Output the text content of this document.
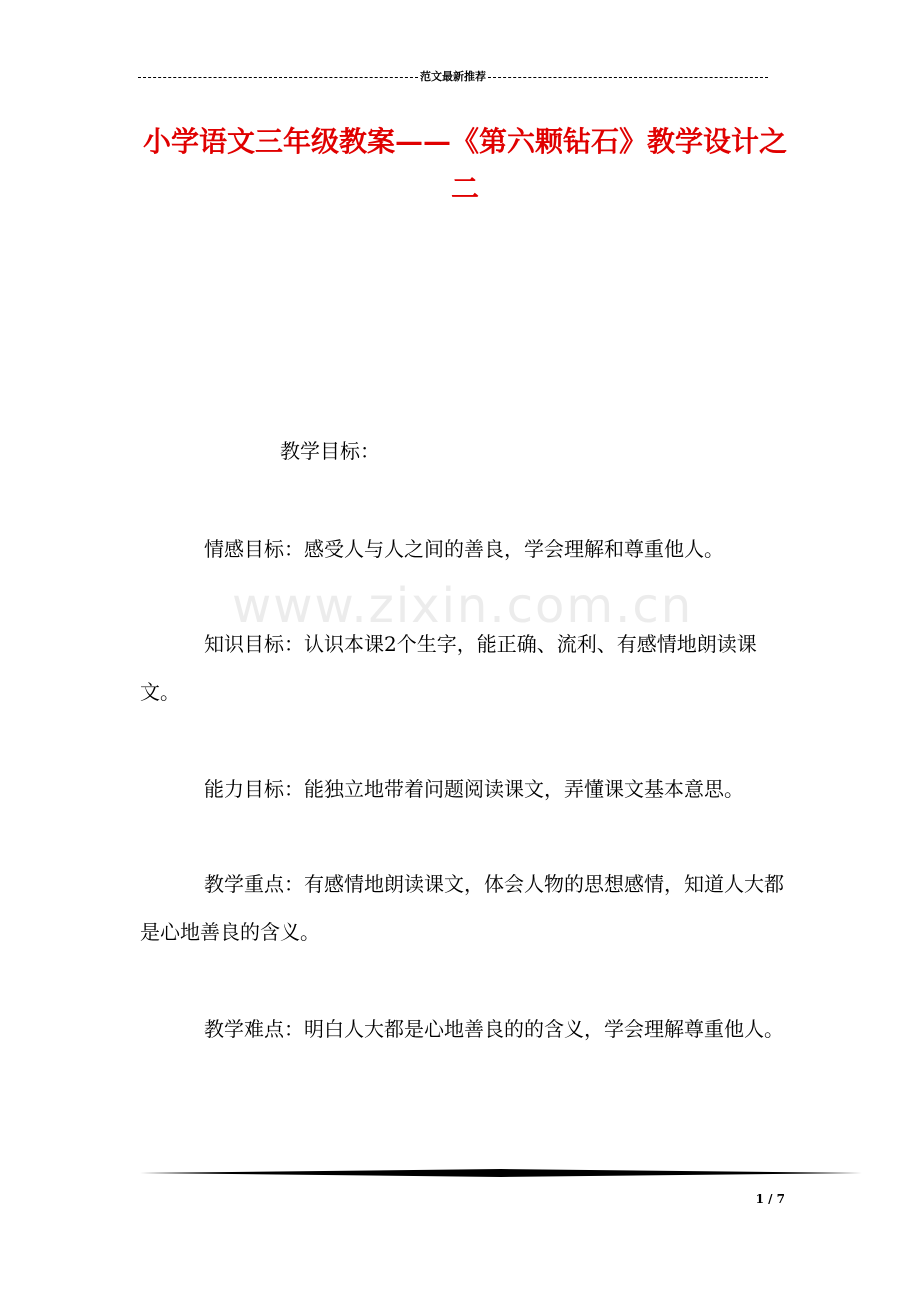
范文最新推荐
小学语文三年级教案——《第六颗钻石》教学设计之二
www.zixin.com.cn

教学目标：

情感目标：感受人与人之间的善良，学会理解和尊重他人。

知识目标：认识本课2个生字，能正确、流利、有感情地朗读课文。

能力目标：能独立地带着问题阅读课文，弄懂课文基本意思。

教学重点：有感情地朗读课文，体会人物的思想感情，知道人大都是心地善良的含义。

教学难点：明白人大都是心地善良的的含义，学会理解尊重他人。

1 / 7
